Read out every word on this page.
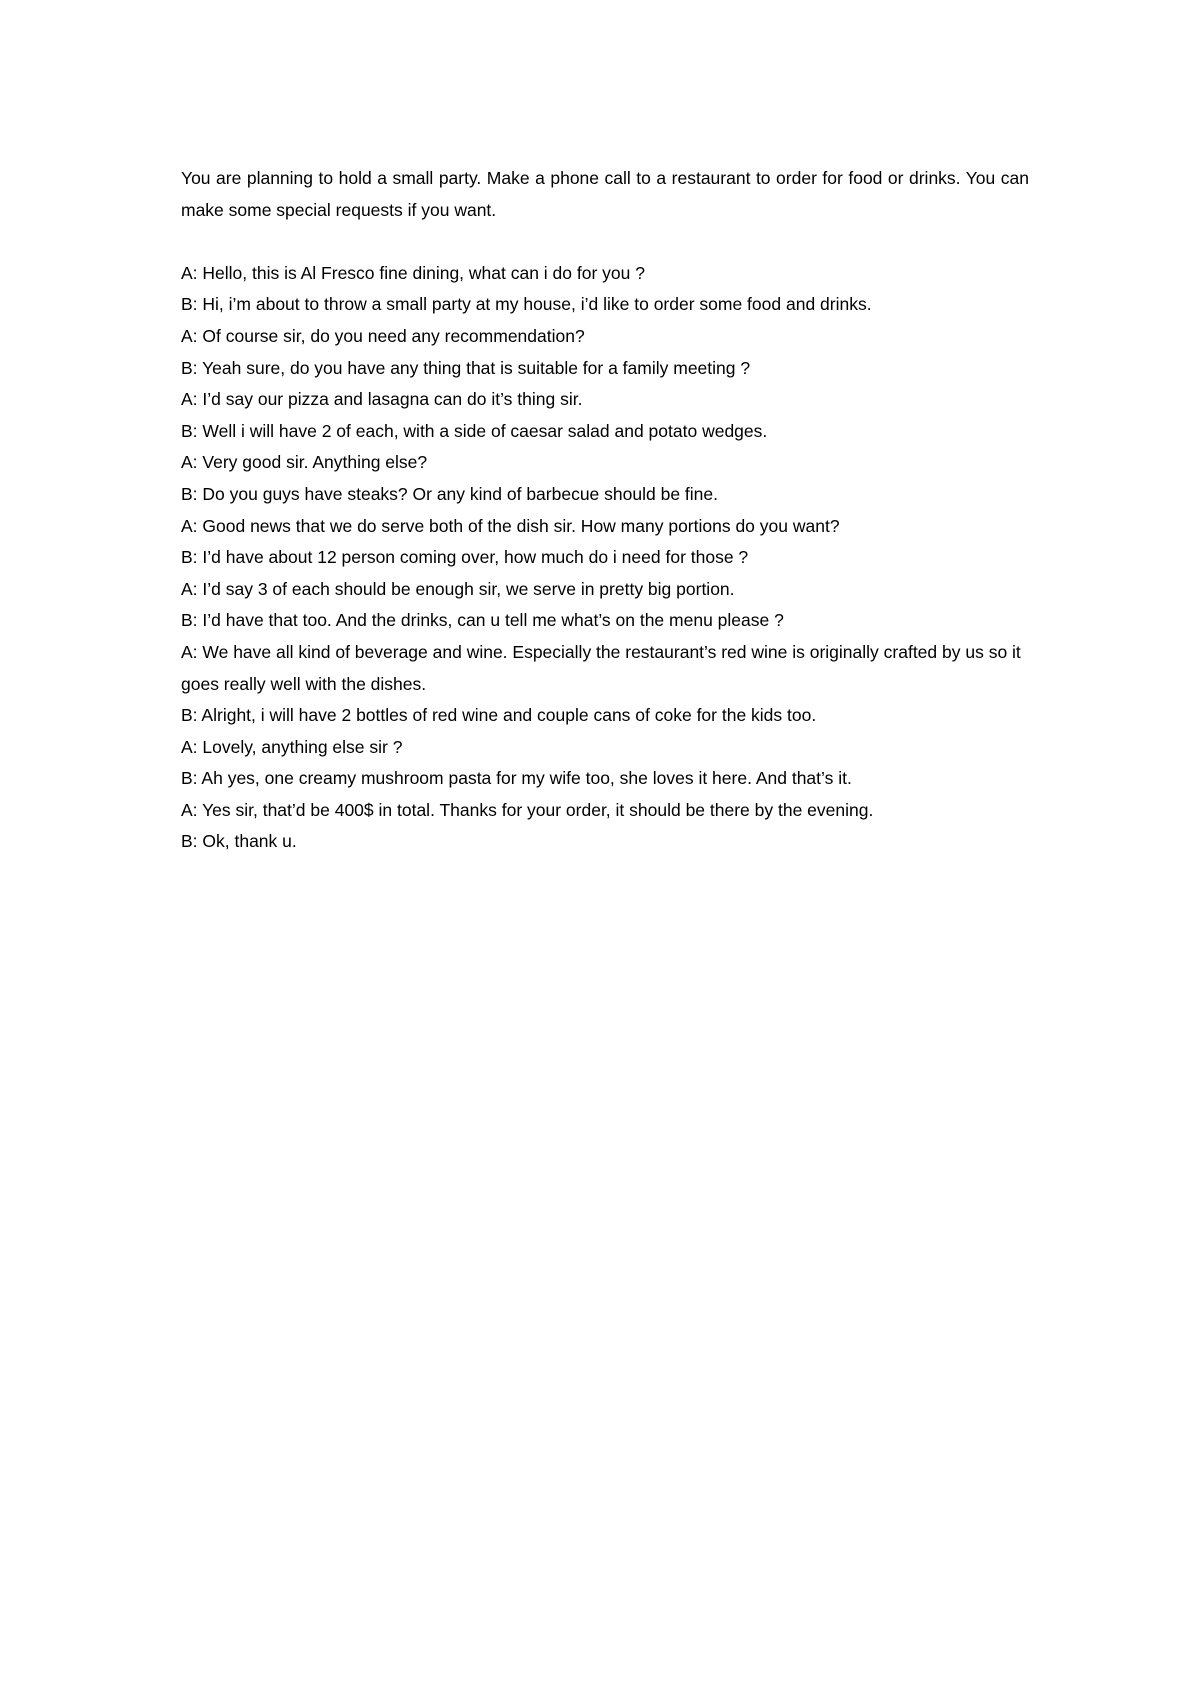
You are planning to hold a small party. Make a phone call to a restaurant to order for food or drinks. You can make some special requests if you want.

A: Hello, this is Al Fresco fine dining, what can i do for you ?
B: Hi, i’m about to throw a small party at my house, i’d like to order some food and drinks.
A: Of course sir, do you need any recommendation?
B: Yeah sure, do you have any thing that is suitable for a family meeting ?
A: I’d say our pizza and lasagna can do it’s thing sir.
B: Well i will have 2 of each, with a side of caesar salad and potato wedges.
A: Very good sir. Anything else?
B: Do you guys have steaks? Or any kind of barbecue should be fine.
A: Good news that we do serve both of the dish sir. How many portions do you want?
B: I’d have about 12 person coming over, how much do i need for those ?
A: I’d say 3 of each should be enough sir, we serve in pretty big portion.
B: I’d have that too. And the drinks, can u tell me what’s on the menu please ?
A: We have all kind of beverage and wine. Especially the restaurant’s red wine is originally crafted by us so it goes really well with the dishes.
B: Alright, i will have 2 bottles of red wine and couple cans of coke for the kids too.
A: Lovely, anything else sir ?
B: Ah yes, one creamy mushroom pasta for my wife too, she loves it here. And that’s it.
A: Yes sir, that’d be 400$ in total. Thanks for your order, it should be there by the evening.
B: Ok, thank u.
